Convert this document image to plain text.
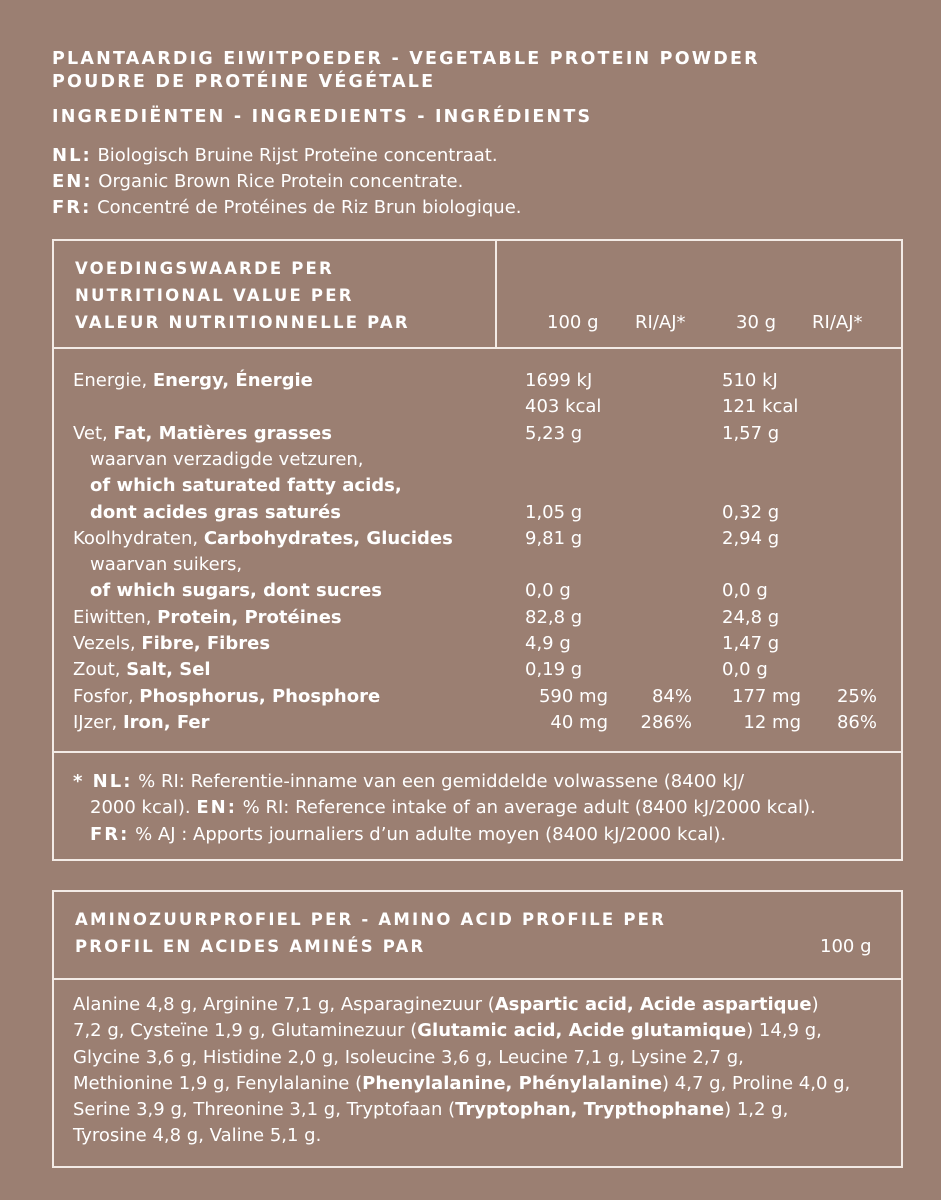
PLANTAARDIG EIWITPOEDER - VEGETABLE PROTEIN POWDER
POUDRE DE PROTÉINE VÉGÉTALE
INGREDIËNTEN - INGREDIENTS - INGRÉDIENTS
NL: Biologisch Bruine Rijst Proteïne concentraat.
EN: Organic Brown Rice Protein concentrate.
FR: Concentré de Protéines de Riz Brun biologique.
VOEDINGSWAARDE PER
NUTRITIONAL VALUE PER
VALEUR NUTRITIONNELLE PAR	100 g RI/AJ*	30 g RI/AJ*
Energie, Energy, Énergie	1699 kJ	510 kJ
403 kcal	121 kcal
Vet, Fat, Matières grasses	5,23 g	1,57 g
waarvan verzadigde vetzuren,
of which saturated fatty acids,
dont acides gras saturés	1,05 g	0,32 g
Koolhydraten, Carbohydrates, Glucides	9,81 g	2,94 g
waarvan suikers,
of which sugars, dont sucres	0,0 g	0,0 g
Eiwitten, Protein, Protéines	82,8 g	24,8 g
Vezels, Fibre, Fibres	4,9 g	1,47 g
Zout, Salt, Sel	0,19 g	0,0 g
Fosfor, Phosphorus, Phosphore	590 mg	84%	177 mg	25%
IJzer, Iron, Fer	40 mg	286%	12 mg	86%
* NL: % RI: Referentie-inname van een gemiddelde volwassene (8400 kJ/
2000 kcal). EN: % RI: Reference intake of an average adult (8400 kJ/2000 kcal).
FR: % AJ : Apports journaliers d’un adulte moyen (8400 kJ/2000 kcal).
AMINOZUURPROFIEL PER - AMINO ACID PROFILE PER
PROFIL EN ACIDES AMINÉS PAR	100 g
Alanine 4,8 g, Arginine 7,1 g, Asparaginezuur (Aspartic acid, Acide aspartique)
7,2 g, Cysteïne 1,9 g, Glutaminezuur (Glutamic acid, Acide glutamique) 14,9 g,
Glycine 3,6 g, Histidine 2,0 g, Isoleucine 3,6 g, Leucine 7,1 g, Lysine 2,7 g,
Methionine 1,9 g, Fenylalanine (Phenylalanine, Phénylalanine) 4,7 g, Proline 4,0 g,
Serine 3,9 g, Threonine 3,1 g, Tryptofaan (Tryptophan, Trypthophane) 1,2 g,
Tyrosine 4,8 g, Valine 5,1 g.
